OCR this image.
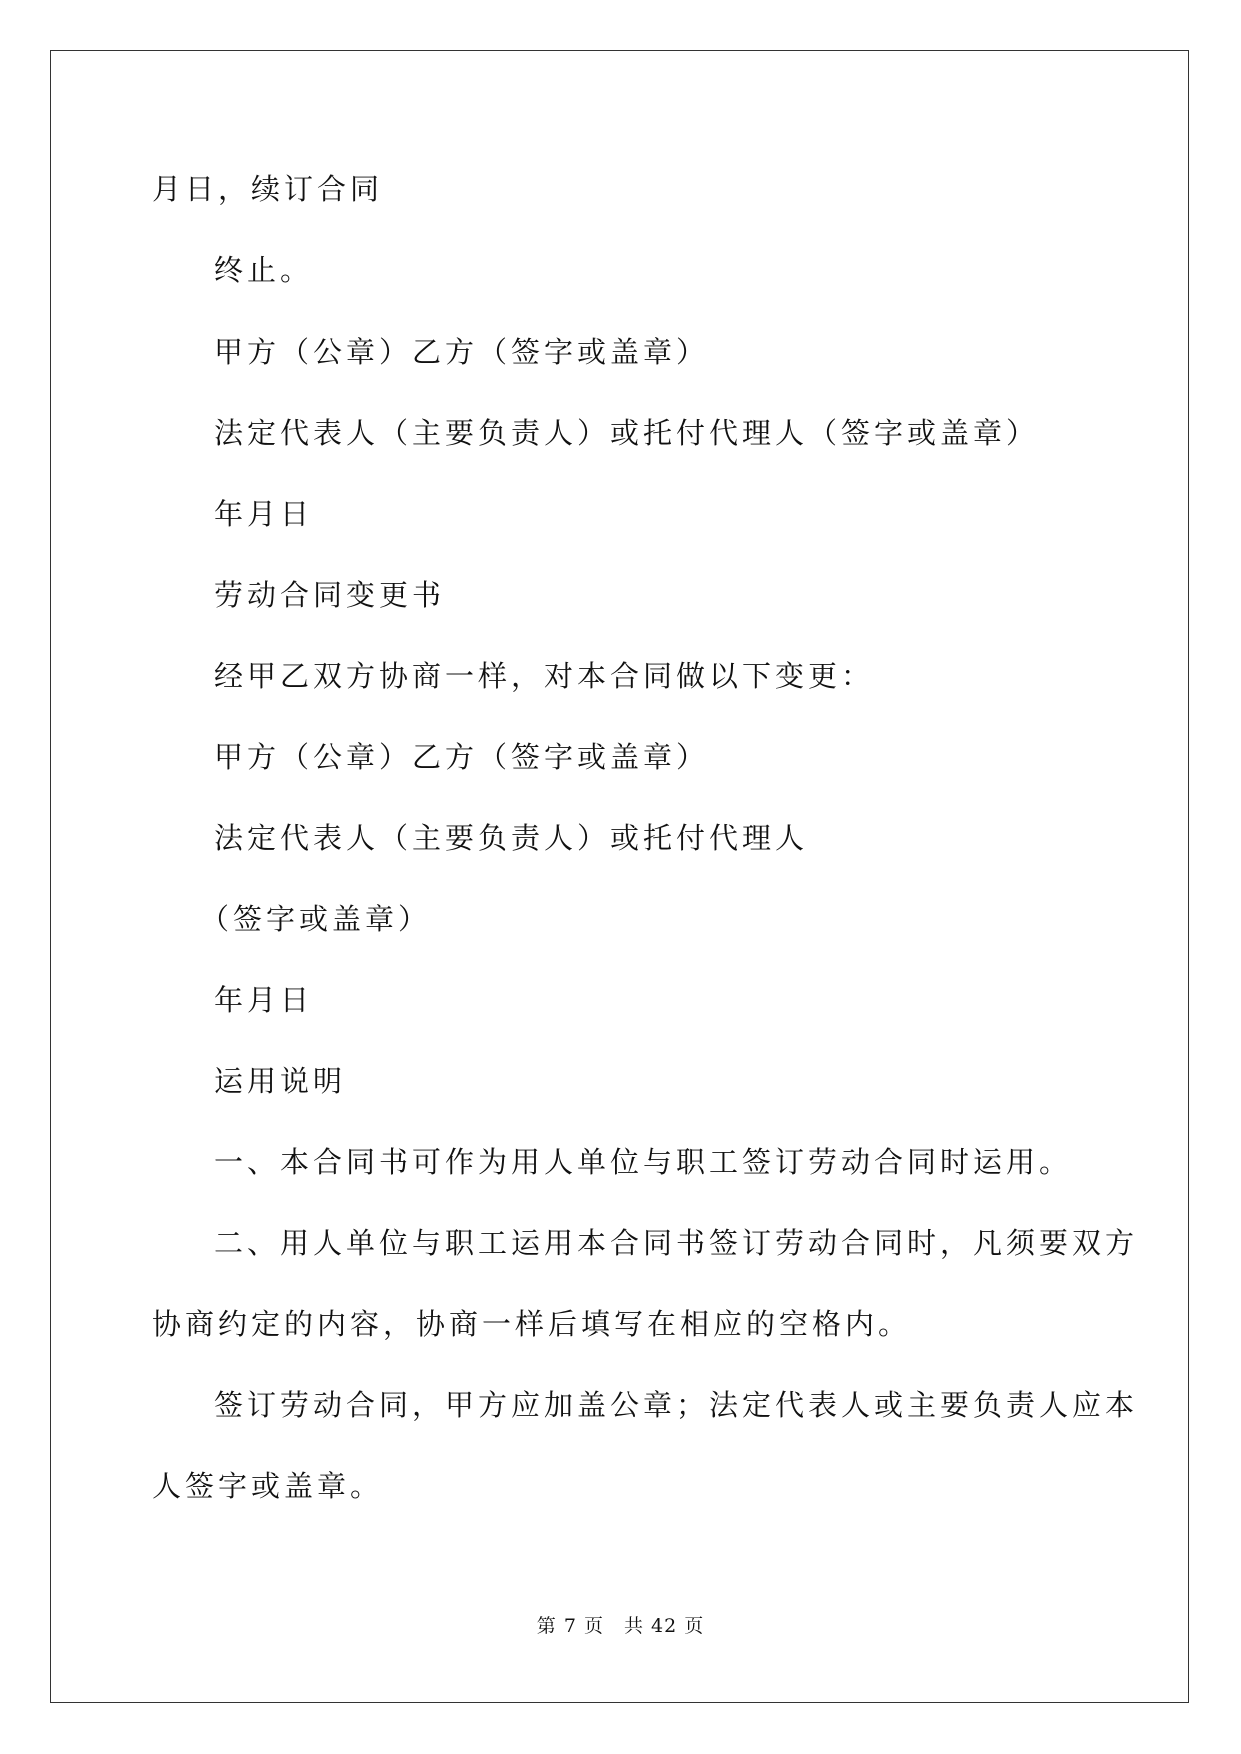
月日，续订合同
终止。
甲方（公章）乙方（签字或盖章）
法定代表人（主要负责人）或托付代理人（签字或盖章）
年月日
劳动合同变更书
经甲乙双方协商一样，对本合同做以下变更：
甲方（公章）乙方（签字或盖章）
法定代表人（主要负责人）或托付代理人
（签字或盖章）
年月日
运用说明
一、本合同书可作为用人单位与职工签订劳动合同时运用。
二、用人单位与职工运用本合同书签订劳动合同时，凡须要双方
协商约定的内容，协商一样后填写在相应的空格内。
签订劳动合同，甲方应加盖公章；法定代表人或主要负责人应本
人签字或盖章。
第 7 页　共 42 页
